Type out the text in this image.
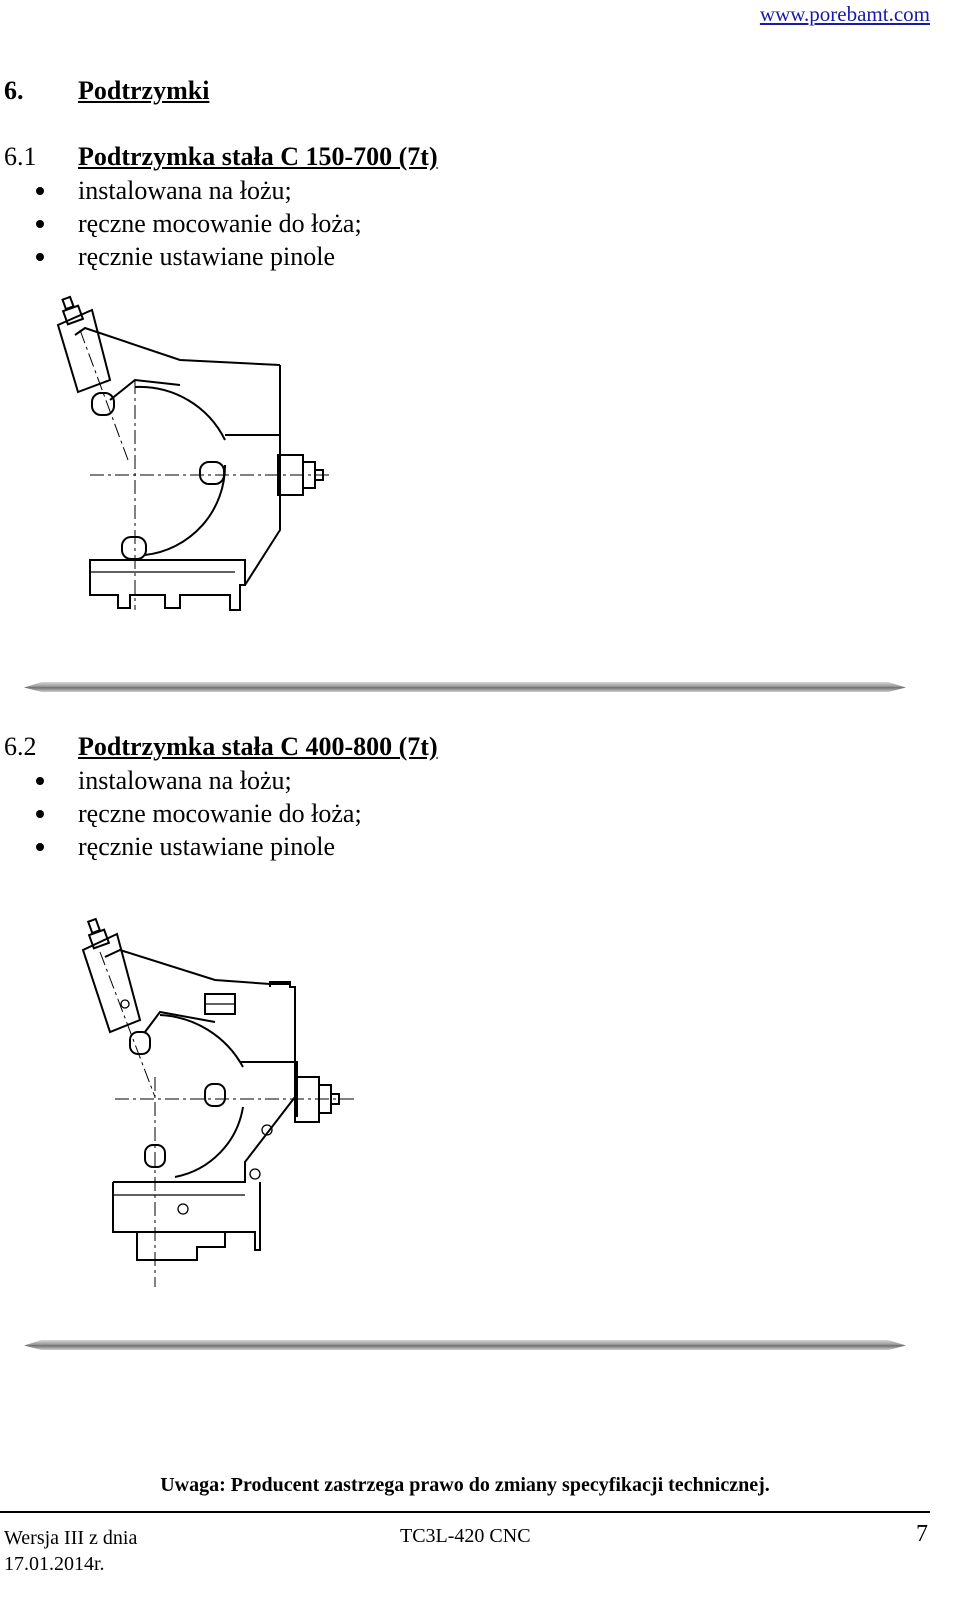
www.porebamt.com
6. Podtrzymki
6.1 Podtrzymka stała C 150-700 (7t)
instalowana na łożu;
ręczne mocowanie do łoża;
ręcznie ustawiane pinole
6.2 Podtrzymka stała C 400-800 (7t)
instalowana na łożu;
ręczne mocowanie do łoża;
ręcznie ustawiane pinole
Uwaga: Producent zastrzega prawo do zmiany specyfikacji technicznej.
Wersja III z dnia
17.01.2014r.
TC3L-420 CNC	7
